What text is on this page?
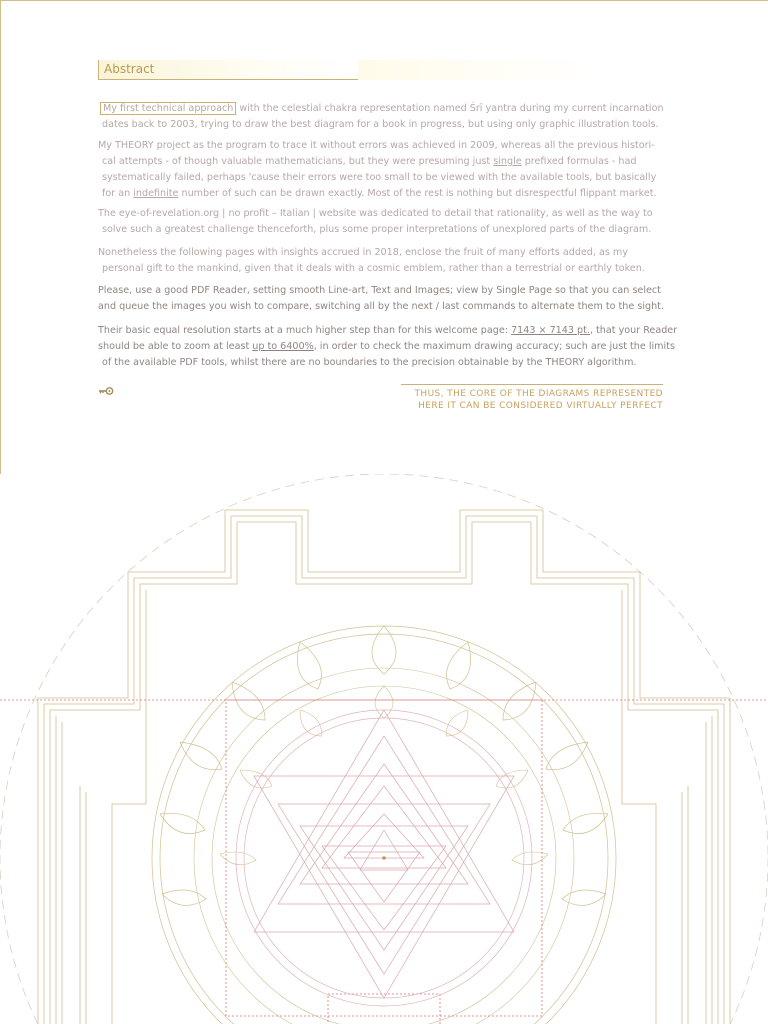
Abstract

My first technical approach with the celestial chakra representation named Śrī yantra during my current incarnation

dates back to 2003, trying to draw the best diagram for a book in progress, but using only graphic illustration tools.

My THEORY project as the program to trace it without errors was achieved in 2009, whereas all the previous histori-

cal attempts - of though valuable mathematicians, but they were presuming just single prefixed formulas - had

systematically failed, perhaps 'cause their errors were too small to be viewed with the available tools, but basically

for an indefinite number of such can be drawn exactly. Most of the rest is nothing but disrespectful flippant market.

The eye-of-revelation.org | no profit – Italian | website was dedicated to detail that rationality, as well as the way to

solve such a greatest challenge thenceforth, plus some proper interpretations of unexplored parts of the diagram.

Nonetheless the following pages with insights accrued in 2018, enclose the fruit of many efforts added, as my

personal gift to the mankind, given that it deals with a cosmic emblem, rather than a terrestrial or earthly token.

Please, use a good PDF Reader, setting smooth Line-art, Text and Images; view by Single Page so that you can select

and queue the images you wish to compare, switching all by the next / last commands to alternate them to the sight.

Their basic equal resolution starts at a much higher step than for this welcome page: 7143 × 7143 pt., that your Reader

should be able to zoom at least up to 6400%, in order to check the maximum drawing accuracy; such are just the limits

of the available PDF tools, whilst there are no boundaries to the precision obtainable by the THEORY algorithm.

THUS, THE CORE OF THE DIAGRAMS REPRESENTED

HERE IT CAN BE CONSIDERED VIRTUALLY PERFECT
